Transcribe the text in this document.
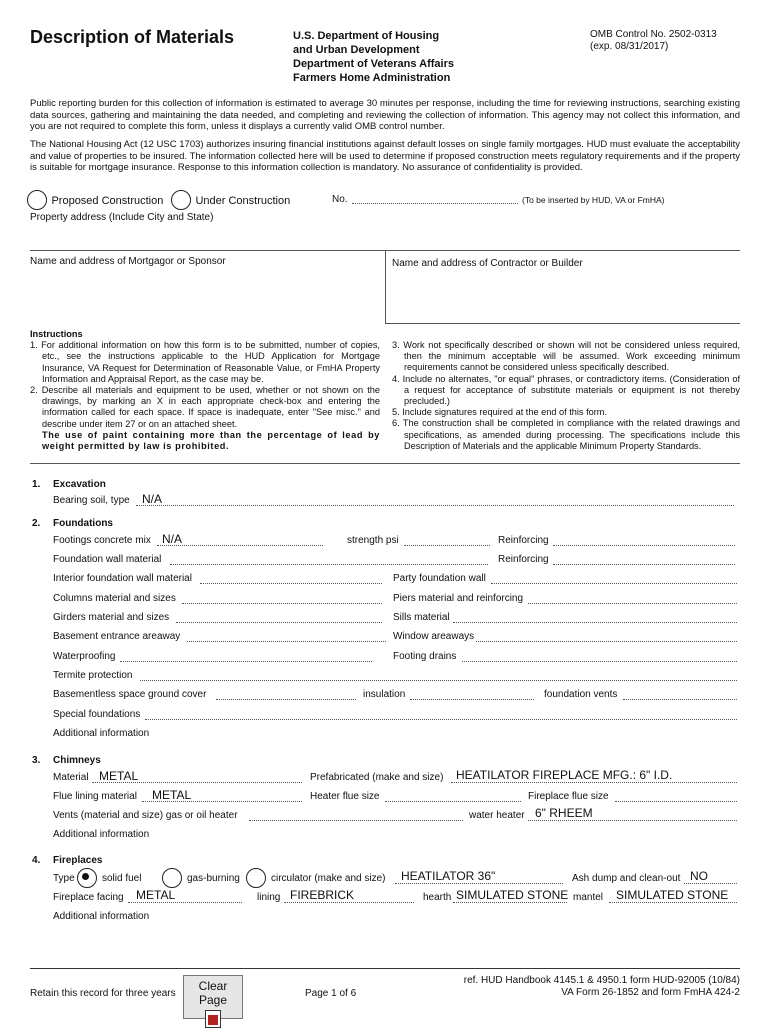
Description of Materials	U.S. Department of Housing
and Urban Development
Department of Veterans Affairs
Farmers Home Administration
OMB Control No. 2502-0313
(exp. 08/31/2017)
Public reporting burden for this collection of information is estimated to average 30 minutes per response, including the time for reviewing instructions, searching existing data sources, gathering and maintaining the data needed, and completing and reviewing the collection of information. This agency may not collect this information, and you are not required to complete this form, unless it displays a currently valid OMB control number.
The National Housing Act (12 USC 1703) authorizes insuring financial institutions against default losses on single family mortgages. HUD must evaluate the acceptability and value of properties to be insured. The information collected here will be used to determine if proposed construction meets regulatory requirements and if the property is suitable for mortgage insurance. Response to this information collection is mandatory. No assurance of confidentiality is provided.
Proposed Construction	Under Construction	No.	(To be inserted by HUD, VA or FmHA)
Property address (Include City and State)
Name and address of Mortgagor or Sponsor	Name and address of Contractor or Builder
Instructions
1. For additional information on how this form is to be submitted, number of copies, etc., see the instructions applicable to the HUD Application for Mortgage Insurance, VA Request for Determination of Reasonable Value, or FmHA Property Information and Appraisal Report, as the case may be.
2. Describe all materials and equipment to be used, whether or not shown on the drawings, by marking an X in each appropriate check-box and entering the information called for each space. If space is inadequate, enter "See misc." and describe under item 27 or on an attached sheet.
The use of paint containing more than the percentage of lead by weight permitted by law is prohibited.
3. Work not specifically described or shown will not be considered unless required, then the minimum acceptable will be assumed. Work exceeding minimum requirements cannot be considered unless specifically described.
4. Include no alternates, "or equal" phrases, or contradictory items. (Consideration of a request for acceptance of substitute materials or equipment is not thereby precluded.)
5. Include signatures required at the end of this form.
6. The construction shall be completed in compliance with the related drawings and specifications, as amended during processing. The specifications include this Description of Materials and the applicable Minimum Property Standards.
1. Excavation
Bearing soil, type N/A
2. Foundations
Footings concrete mix N/A	strength psi	Reinforcing
Foundation wall material	Reinforcing
Interior foundation wall material	Party foundation wall
Columns material and sizes	Piers material and reinforcing
Girders material and sizes	Sills material
Basement entrance areaway	Window areaways
Waterproofing	Footing drains
Termite protection
Basementless space ground cover	insulation	foundation vents
Special foundations
Additional information
3. Chimneys
Material METAL	Prefabricated (make and size) HEATILATOR FIREPLACE MFG.: 6" I.D.
Flue lining material METAL	Heater flue size	Fireplace flue size
Vents (material and size) gas or oil heater	water heater 6" RHEEM
Additional information
4. Fireplaces
Type	solid fuel	gas-burning	circulator (make and size) HEATILATOR 36"	Ash dump and clean-out NO
Fireplace facing METAL	lining FIREBRICK	hearth SIMULATED STONE mantel SIMULATED STONE
Additional information
Retain this record for three years
Clear Page	Page 1 of 6
ref. HUD Handbook 4145.1 & 4950.1 form HUD-92005 (10/84)
VA Form 26-1852 and form FmHA 424-2
